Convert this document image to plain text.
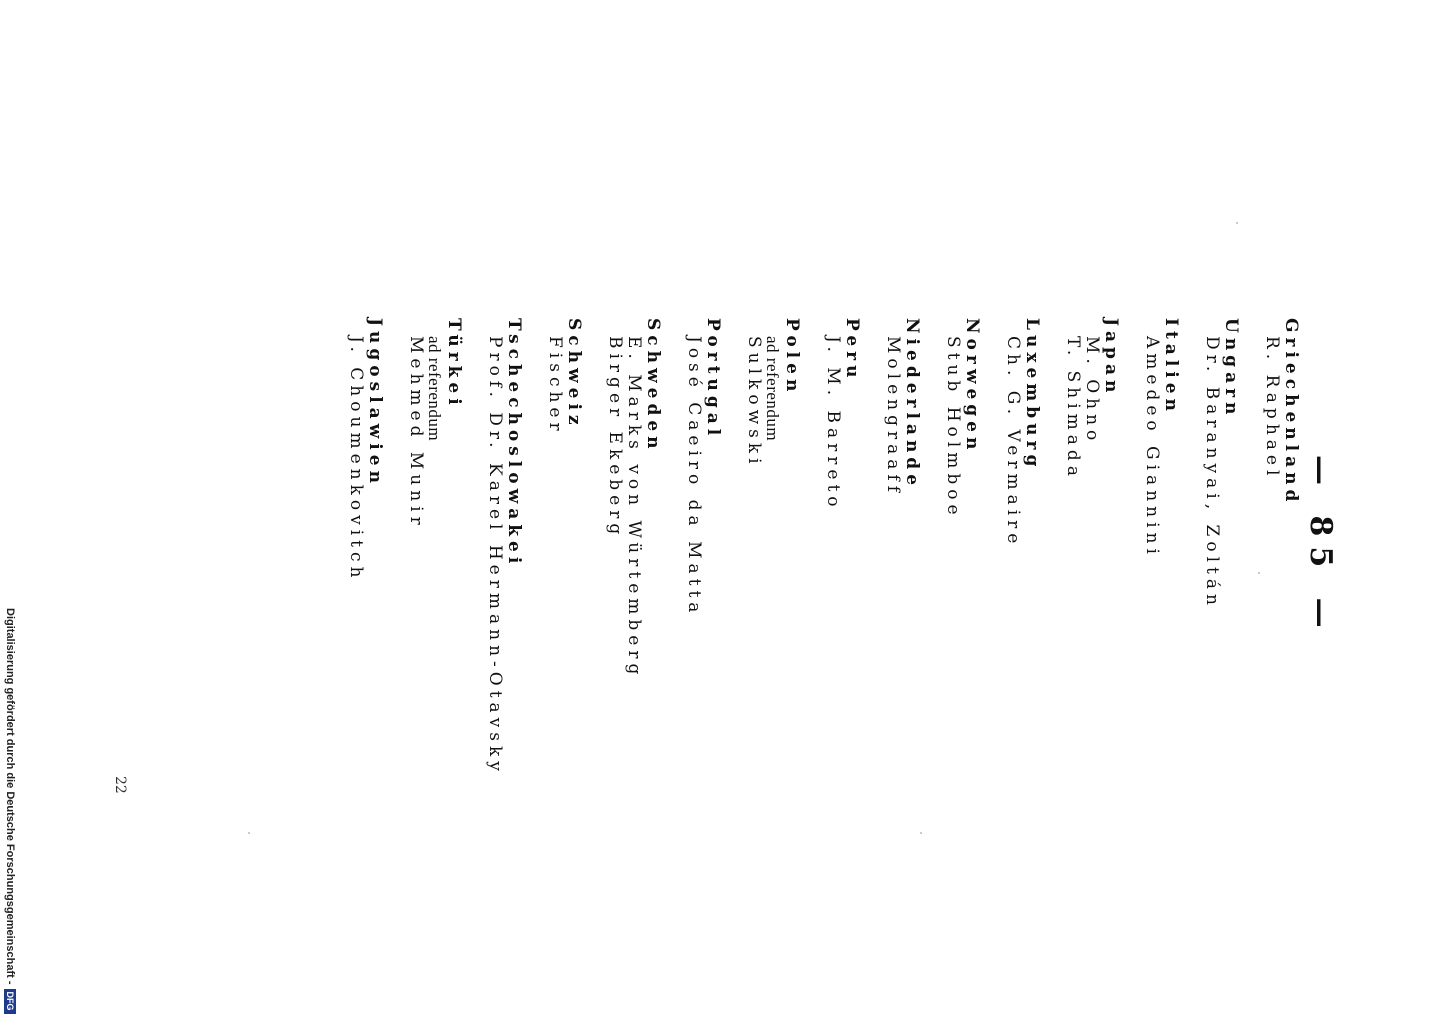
— 85 —
Griechenland
R. Raphael
Ungarn
Dr. Baranyai, Zoltán
Italien
Amedeo Giannini
Japan
M. Ohno
T. Shimada
Luxemburg
Ch. G. Vermaire
Norwegen
Stub Holmboe
Niederlande
Molengraaff
Peru
J. M. Barreto
Polen
ad referendum
Sulkowski
Portugal
José Caeiro da Matta
Schweden
E. Marks von Würtemberg
Birger Ekeberg
Schweiz
Fischer
Tschechoslowakei
Prof. Dr. Karel Hermann-Otavsky
Türkei
ad referendum
Mehmed Munir
Jugoslawien
J. Choumenkovitch
22
Digitalisierung gefördert durch die Deutsche Forschungsgemeinschaft -DFG
